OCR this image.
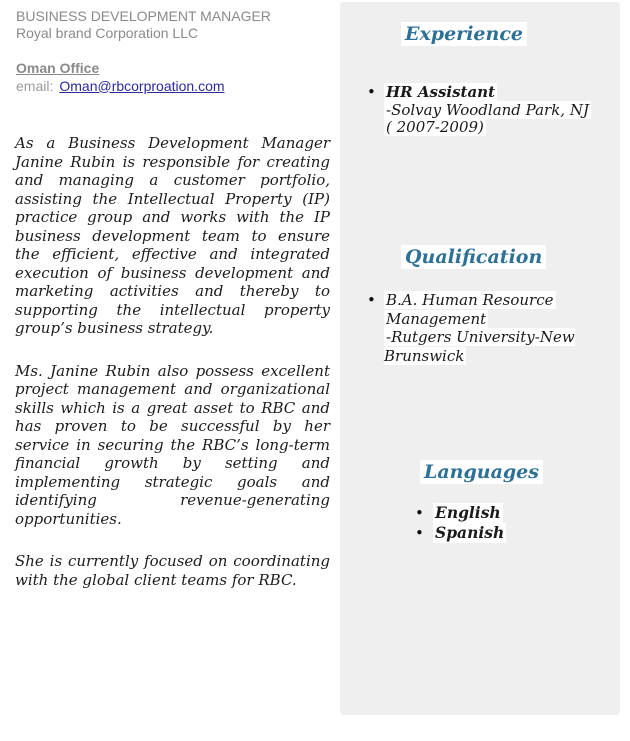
BUSINESS DEVELOPMENT MANAGER
Royal brand Corporation LLC
Oman Office
email: Oman@rbcorproation.com

As a Business Development Manager Janine Rubin is responsible for creating and managing a customer portfolio, assisting the Intellectual Property (IP) practice group and works with the IP business development team to ensure the efficient, effective and integrated execution of business development and marketing activities and thereby to supporting the intellectual property group’s business strategy.

Ms. Janine Rubin also possess excellent project management and organizational skills which is a great asset to RBC and has proven to be successful by her service in securing the RBC’s long-term financial growth by setting and implementing strategic goals and identifying revenue-generating opportunities.

She is currently focused on coordinating with the global client teams for RBC.

Experience
• HR Assistant
-Solvay Woodland Park, NJ
( 2007-2009)
Qualification
• B.A. Human Resource
Management
-Rutgers University-New Brunswick
Languages
• English
• Spanish
